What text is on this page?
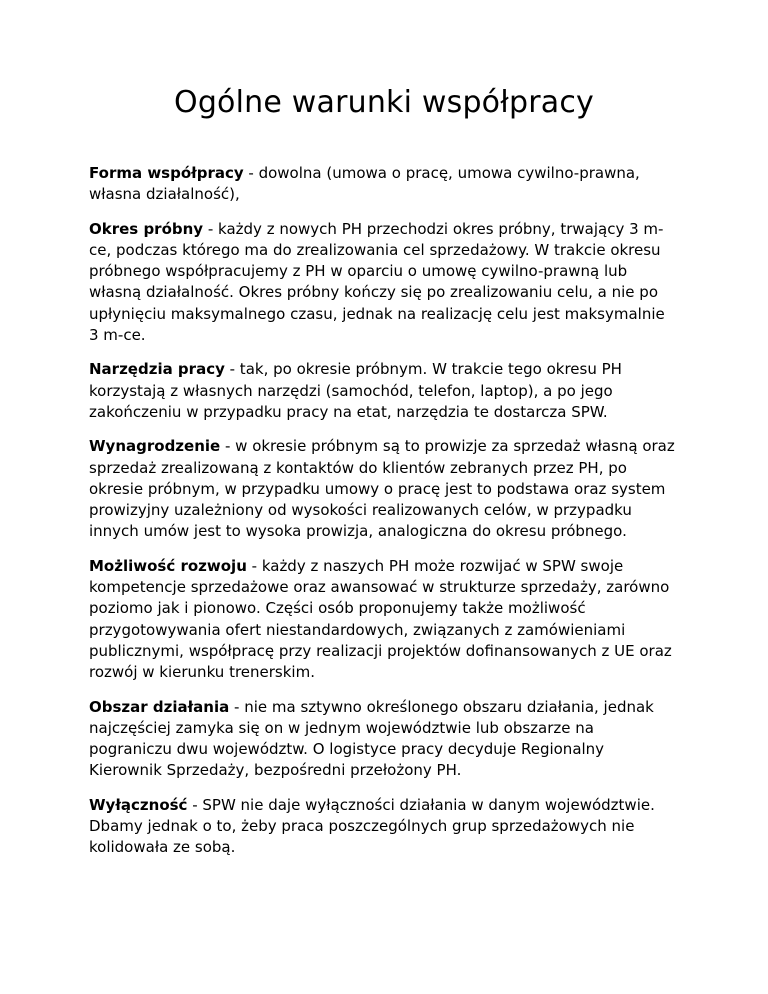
Ogólne warunki współpracy

Forma współpracy - dowolna (umowa o pracę, umowa cywilno-prawna, własna działalność),

Okres próbny - każdy z nowych PH przechodzi okres próbny, trwający 3 m-ce, podczas którego ma do zrealizowania cel sprzedażowy. W trakcie okresu próbnego współpracujemy z PH w oparciu o umowę cywilno-prawną lub własną działalność. Okres próbny kończy się po zrealizowaniu celu, a nie po upłynięciu maksymalnego czasu, jednak na realizację celu jest maksymalnie 3 m-ce.

Narzędzia pracy - tak, po okresie próbnym. W trakcie tego okresu PH korzystają z własnych narzędzi (samochód, telefon, laptop), a po jego zakończeniu w przypadku pracy na etat, narzędzia te dostarcza SPW.

Wynagrodzenie - w okresie próbnym są to prowizje za sprzedaż własną oraz sprzedaż zrealizowaną z kontaktów do klientów zebranych przez PH, po okresie próbnym, w przypadku umowy o pracę jest to podstawa oraz system prowizyjny uzależniony od wysokości realizowanych celów, w przypadku innych umów jest to wysoka prowizja, analogiczna do okresu próbnego.

Możliwość rozwoju - każdy z naszych PH może rozwijać w SPW swoje kompetencje sprzedażowe oraz awansować w strukturze sprzedaży, zarówno poziomo jak i pionowo. Części osób proponujemy także możliwość przygotowywania ofert niestandardowych, związanych z zamówieniami publicznymi, współpracę przy realizacji projektów dofinansowanych z UE oraz rozwój w kierunku trenerskim.

Obszar działania - nie ma sztywno określonego obszaru działania, jednak najczęściej zamyka się on w jednym województwie lub obszarze na pograniczu dwu województw. O logistyce pracy decyduje Regionalny Kierownik Sprzedaży, bezpośredni przełożony PH.

Wyłączność - SPW nie daje wyłączności działania w danym województwie. Dbamy jednak o to, żeby praca poszczególnych grup sprzedażowych nie kolidowała ze sobą.
